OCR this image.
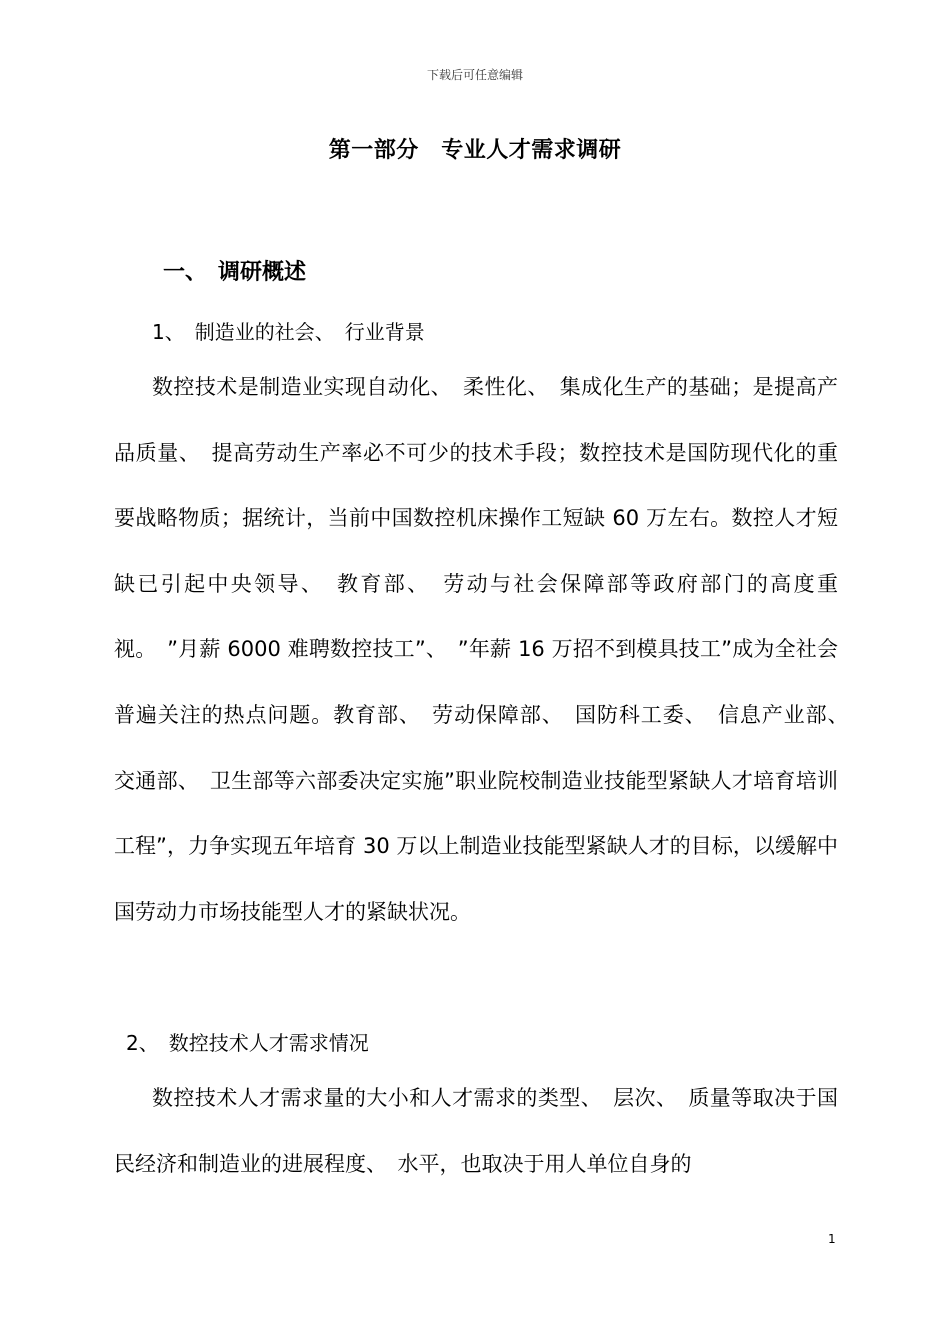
下载后可任意编辑
第一部分　专业人才需求调研
一、　调研概述
1、　制造业的社会、　行业背景

数控技术是制造业实现自动化、　柔性化、　集成化生产的基础；是提高产品质量、　提高劳动生产率必不可少的技术手段；数控技术是国防现代化的重要战略物质；据统计，当前中国数控机床操作工短缺 60 万左右。数控人才短缺已引起中央领导、　教育部、　劳动与社会保障部等政府部门的高度重视。　”月薪 6000 难聘数控技工”、　”年薪 16 万招不到模具技工”成为全社会普遍关注的热点问题。教育部、　劳动保障部、　国防科工委、　信息产业部、　交通部、　卫生部等六部委决定实施”职业院校制造业技能型紧缺人才培育培训工程”，力争实现五年培育 30 万以上制造业技能型紧缺人才的目标，以缓解中国劳动力市场技能型人才的紧缺状况。

2、　数控技术人才需求情况

数控技术人才需求量的大小和人才需求的类型、　层次、　质量等取决于国民经济和制造业的进展程度、　水平，也取决于用人单位自身的

1
